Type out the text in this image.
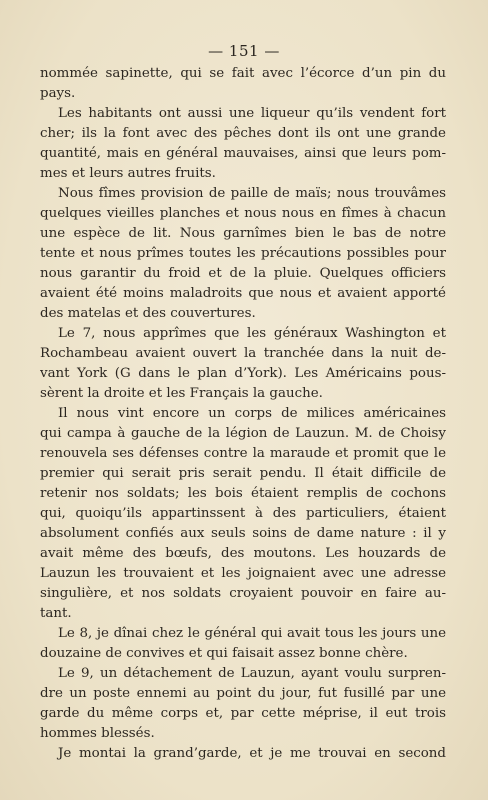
— 151 —
nommée sapinette, qui se fait avec l’écorce d’un pin du
pays.
Les habitants ont aussi une liqueur qu’ils vendent fort
cher; ils la font avec des pêches dont ils ont une grande
quantité, mais en général mauvaises, ainsi que leurs pom-
mes et leurs autres fruits.
Nous fîmes provision de paille de maïs; nous trouvâmes
quelques vieilles planches et nous nous en fîmes à chacun
une espèce de lit. Nous garnîmes bien le bas de notre
tente et nous prîmes toutes les précautions possibles pour
nous garantir du froid et de la pluie. Quelques officiers
avaient été moins maladroits que nous et avaient apporté
des matelas et des couvertures.
Le 7, nous apprîmes que les généraux Washington et
Rochambeau avaient ouvert la tranchée dans la nuit de-
vant York (G dans le plan d’York). Les Américains pous-
sèrent la droite et les Français la gauche.
Il nous vint encore un corps de milices américaines
qui campa à gauche de la légion de Lauzun. M. de Choisy
renouvela ses défenses contre la maraude et promit que le
premier qui serait pris serait pendu. Il était difficile de
retenir nos soldats; les bois étaient remplis de cochons
qui, quoiqu’ils appartinssent à des particuliers, étaient
absolument confiés aux seuls soins de dame nature : il y
avait même des bœufs, des moutons. Les houzards de
Lauzun les trouvaient et les joignaient avec une adresse
singulière, et nos soldats croyaient pouvoir en faire au-
tant.
Le 8, je dînai chez le général qui avait tous les jours une
douzaine de convives et qui faisait assez bonne chère.
Le 9, un détachement de Lauzun, ayant voulu surpren-
dre un poste ennemi au point du jour, fut fusillé par une
garde du même corps et, par cette méprise, il eut trois
hommes blessés.
Je montai la grand’garde, et je me trouvai en second
